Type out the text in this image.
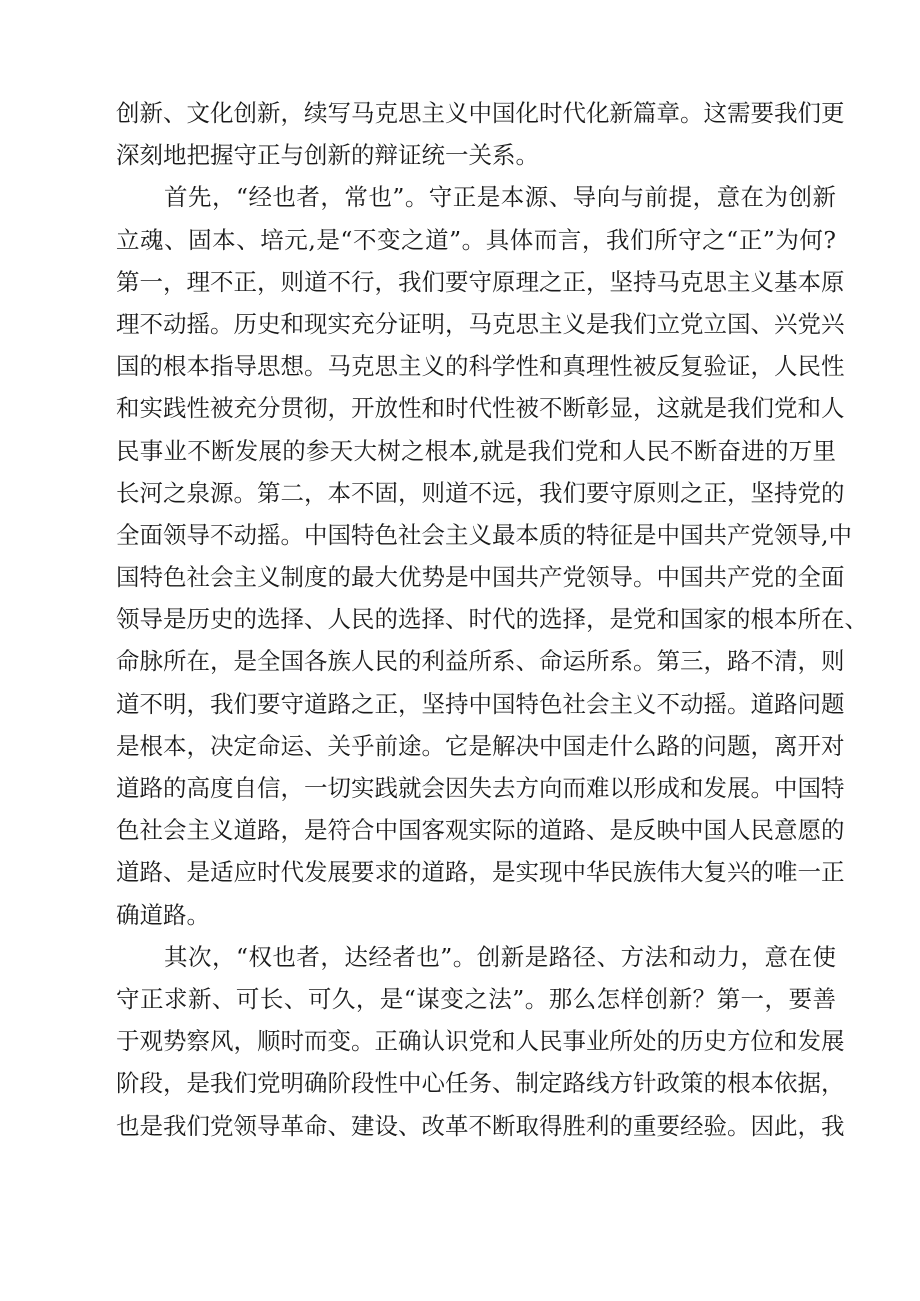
创新、文化创新，续写马克思主义中国化时代化新篇章。这需要我们更
深刻地把握守正与创新的辩证统一关系。
首先，“经也者，常也”。守正是本源、导向与前提，意在为创新
立魂、固本、培元,是“不变之道”。具体而言，我们所守之“正”为何?
第一，理不正，则道不行，我们要守原理之正，坚持马克思主义基本原
理不动摇。历史和现实充分证明，马克思主义是我们立党立国、兴党兴
国的根本指导思想。马克思主义的科学性和真理性被反复验证，人民性
和实践性被充分贯彻，开放性和时代性被不断彰显，这就是我们党和人
民事业不断发展的参天大树之根本,就是我们党和人民不断奋进的万里
长河之泉源。第二，本不固，则道不远，我们要守原则之正，坚持党的
全面领导不动摇。中国特色社会主义最本质的特征是中国共产党领导,中
国特色社会主义制度的最大优势是中国共产党领导。中国共产党的全面
领导是历史的选择、人民的选择、时代的选择，是党和国家的根本所在、
命脉所在，是全国各族人民的利益所系、命运所系。第三，路不清，则
道不明，我们要守道路之正，坚持中国特色社会主义不动摇。道路问题
是根本，决定命运、关乎前途。它是解决中国走什么路的问题，离开对
道路的高度自信，一切实践就会因失去方向而难以形成和发展。中国特
色社会主义道路，是符合中国客观实际的道路、是反映中国人民意愿的
道路、是适应时代发展要求的道路，是实现中华民族伟大复兴的唯一正
确道路。
其次，“权也者，达经者也”。创新是路径、方法和动力，意在使
守正求新、可长、可久，是“谋变之法”。那么怎样创新？第一，要善
于观势察风，顺时而变。正确认识党和人民事业所处的历史方位和发展
阶段，是我们党明确阶段性中心任务、制定路线方针政策的根本依据，
也是我们党领导革命、建设、改革不断取得胜利的重要经验。因此，我
